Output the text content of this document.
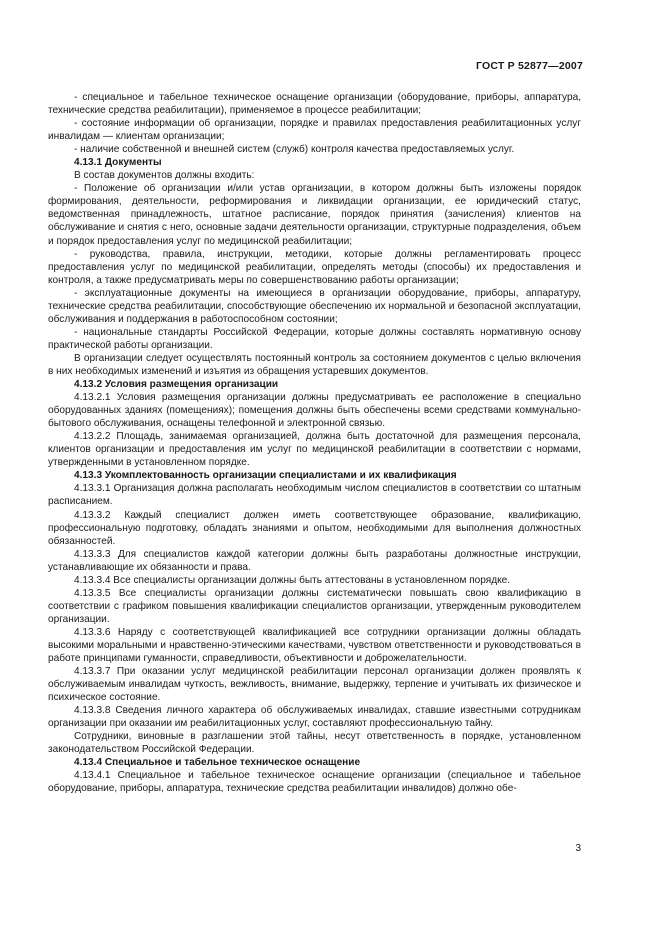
ГОСТ Р 52877—2007

- специальное и табельное техническое оснащение организации (оборудование, приборы, аппаратура, технические средства реабилитации), применяемое в процессе реабилитации;

- состояние информации об организации, порядке и правилах предоставления реабилитационных услуг инвалидам — клиентам организации;

- наличие собственной и внешней систем (служб) контроля качества предоставляемых услуг.

4.13.1 Документы

В состав документов должны входить:

- Положение об организации и/или устав организации, в котором должны быть изложены порядок формирования, деятельности, реформирования и ликвидации организации, ее юридический статус, ведомственная принадлежность, штатное расписание, порядок принятия (зачисления) клиентов на обслуживание и снятия с него, основные задачи деятельности организации, структурные подразделения, объем и порядок предоставления услуг по медицинской реабилитации;

- руководства, правила, инструкции, методики, которые должны регламентировать процесс предоставления услуг по медицинской реабилитации, определять методы (способы) их предоставления и контроля, а также предусматривать меры по совершенствованию работы организации;

- эксплуатационные документы на имеющиеся в организации оборудование, приборы, аппаратуру, технические средства реабилитации, способствующие обеспечению их нормальной и безопасной эксплуатации, обслуживания и поддержания в работоспособном состоянии;

- национальные стандарты Российской Федерации, которые должны составлять нормативную основу практической работы организации.

В организации следует осуществлять постоянный контроль за состоянием документов с целью включения в них необходимых изменений и изъятия из обращения устаревших документов.

4.13.2 Условия размещения организации

4.13.2.1 Условия размещения организации должны предусматривать ее расположение в специально оборудованных зданиях (помещениях); помещения должны быть обеспечены всеми средствами коммунально-бытового обслуживания, оснащены телефонной и электронной связью.

4.13.2.2 Площадь, занимаемая организацией, должна быть достаточной для размещения персонала, клиентов организации и предоставления им услуг по медицинской реабилитации в соответствии с нормами, утвержденными в установленном порядке.

4.13.3 Укомплектованность организации специалистами и их квалификация

4.13.3.1 Организация должна располагать необходимым числом специалистов в соответствии со штатным расписанием.

4.13.3.2 Каждый специалист должен иметь соответствующее образование, квалификацию, профессиональную подготовку, обладать знаниями и опытом, необходимыми для выполнения должностных обязанностей.

4.13.3.3 Для специалистов каждой категории должны быть разработаны должностные инструкции, устанавливающие их обязанности и права.

4.13.3.4 Все специалисты организации должны быть аттестованы в установленном порядке.

4.13.3.5 Все специалисты организации должны систематически повышать свою квалификацию в соответствии с графиком повышения квалификации специалистов организации, утвержденным руководителем организации.

4.13.3.6 Наряду с соответствующей квалификацией все сотрудники организации должны обладать высокими моральными и нравственно-этическими качествами, чувством ответственности и руководствоваться в работе принципами гуманности, справедливости, объективности и доброжелательности.

4.13.3.7 При оказании услуг медицинской реабилитации персонал организации должен проявлять к обслуживаемым инвалидам чуткость, вежливость, внимание, выдержку, терпение и учитывать их физическое и психическое состояние.

4.13.3.8 Сведения личного характера об обслуживаемых инвалидах, ставшие известными сотрудникам организации при оказании им реабилитационных услуг, составляют профессиональную тайну.

Сотрудники, виновные в разглашении этой тайны, несут ответственность в порядке, установленном законодательством Российской Федерации.

4.13.4 Специальное и табельное техническое оснащение

4.13.4.1 Специальное и табельное техническое оснащение организации (специальное и табельное оборудование, приборы, аппаратура, технические средства реабилитации инвалидов) должно обе-

3
